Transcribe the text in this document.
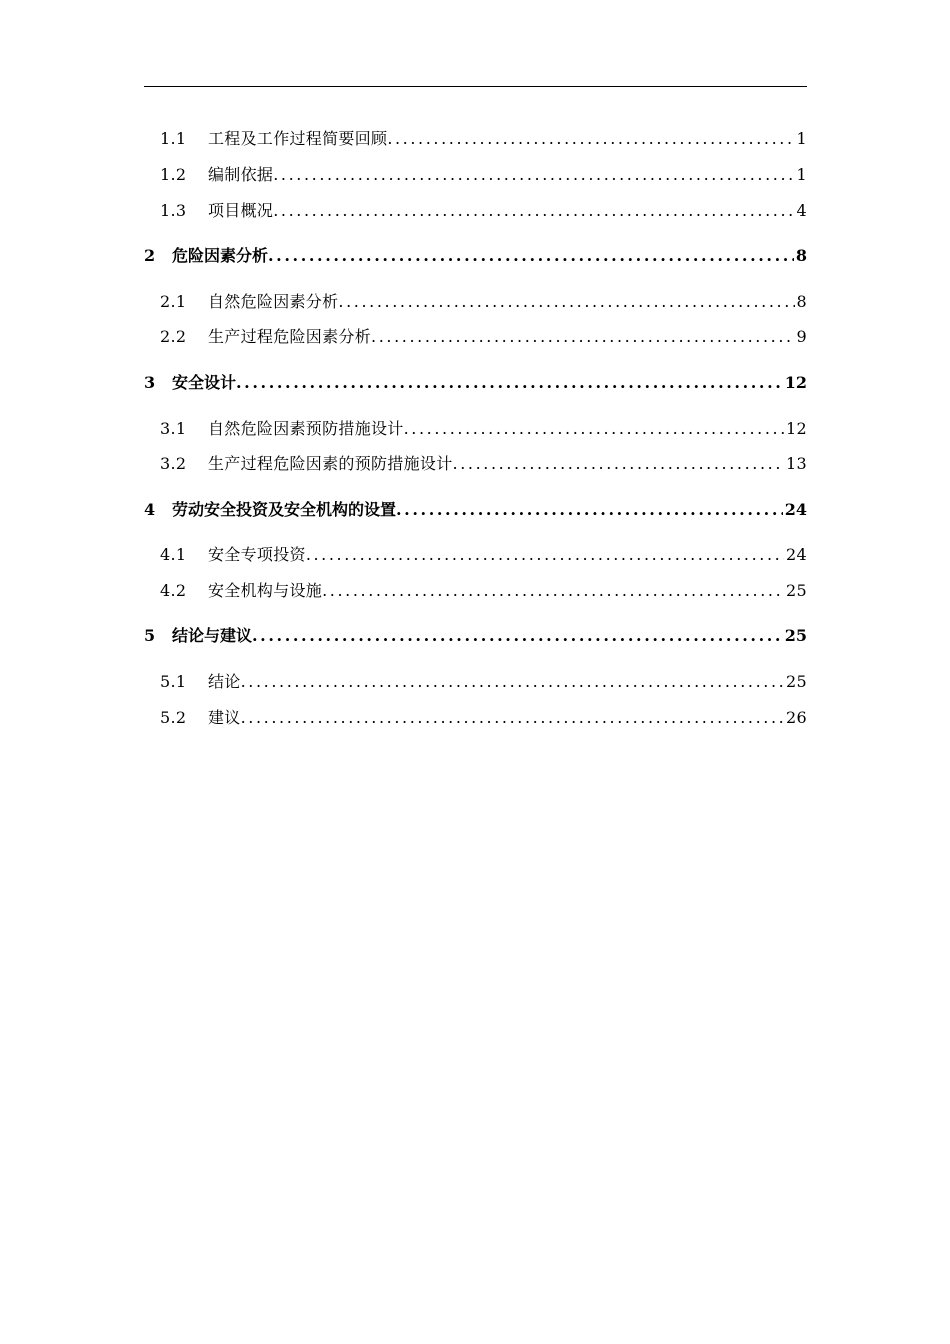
1.1	工程及工作过程简要回顾 .....	1
1.2	编制依据 .....	1
1.3	项目概况 .....	4
2	危险因素分析 .....	8
2.1	自然危险因素分析 .....	8
2.2	生产过程危险因素分析 .....	9
3	安全设计 .....	12
3.1	自然危险因素预防措施设计 .....	12
3.2	生产过程危险因素的预防措施设计 .....	13
4	劳动安全投资及安全机构的设置 .....	24
4.1	安全专项投资 .....	24
4.2	安全机构与设施 .....	25
5	结论与建议 .....	25
5.1	结论 .....	25
5.2	建议 .....	26
